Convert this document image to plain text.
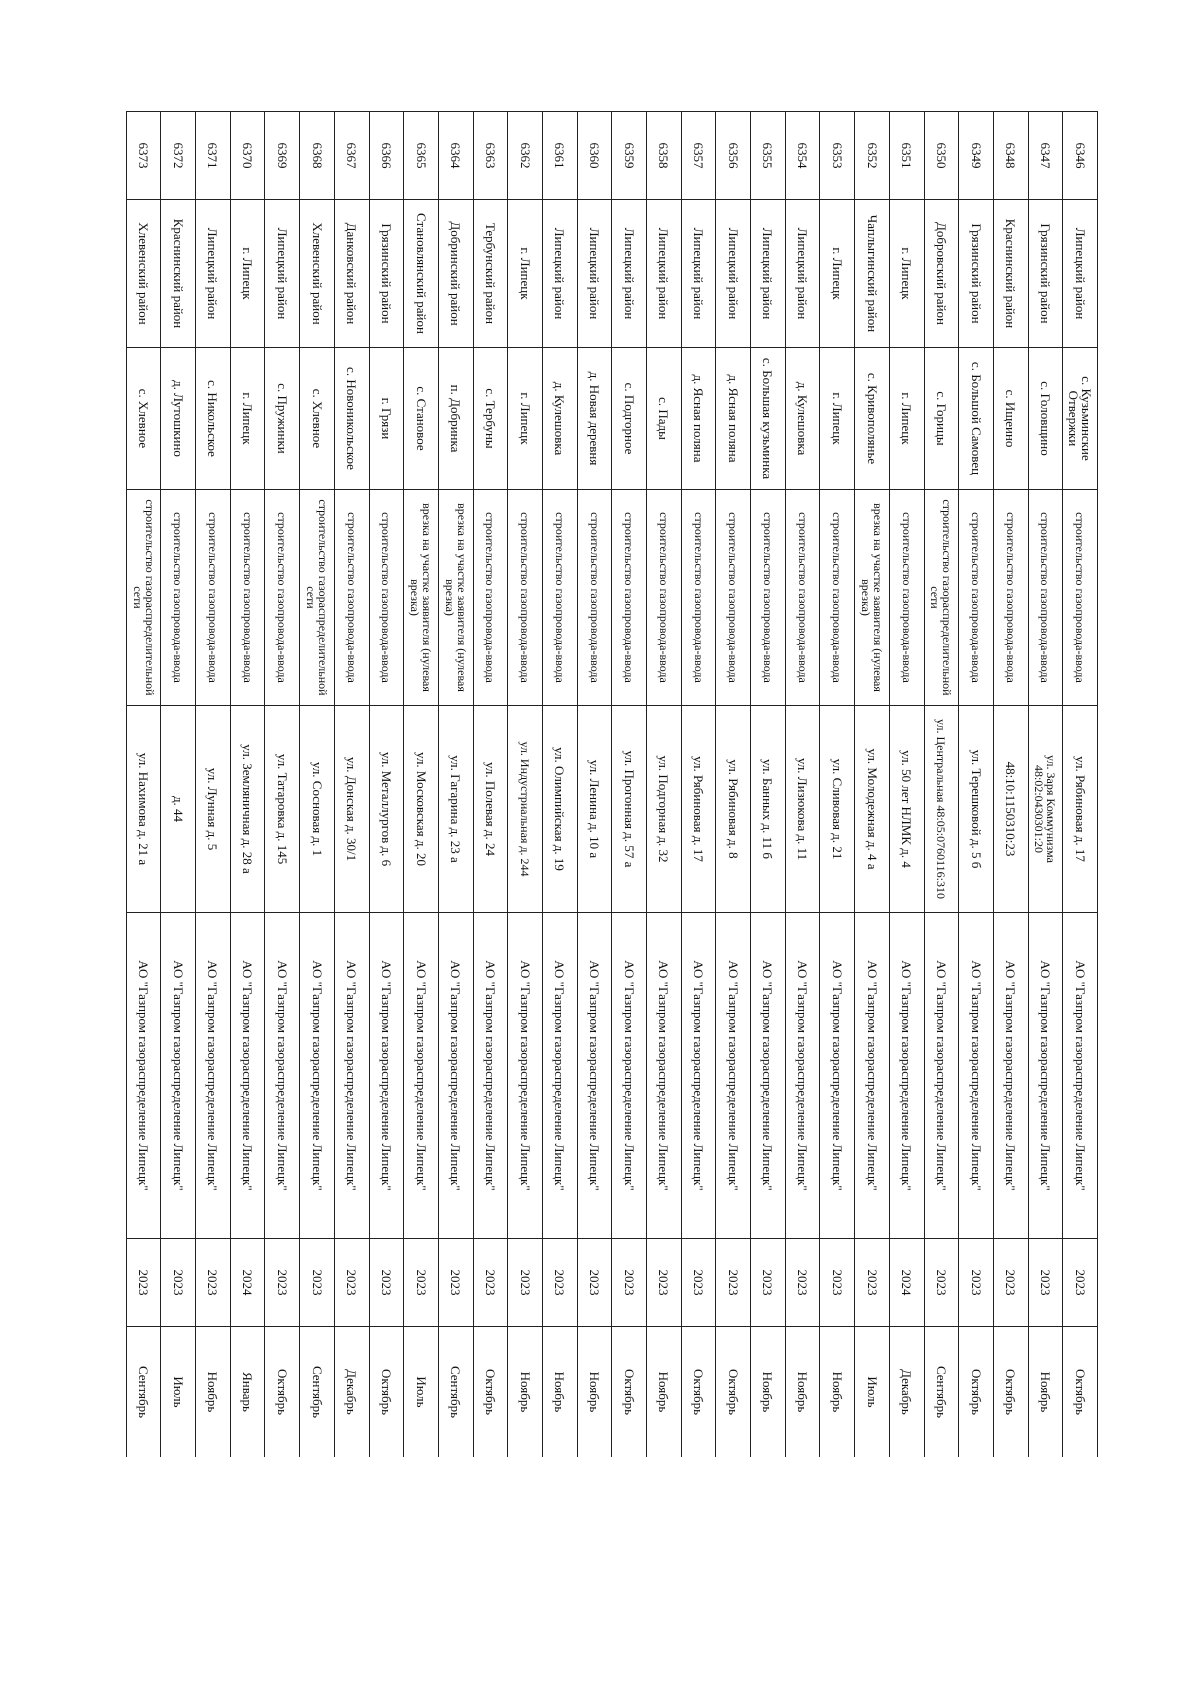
6346	Липецкий район	с. Кузьминские Отвержки	строительство газопровода-ввода	ул. Рябиновая д. 17	АО "Газпром газораспределение Липецк"	2023	Октябрь
6347	Грязинский район	с. Головщино	строительство газопровода-ввода	ул. Заря Коммунизма 48:02:0430301:20	АО "Газпром газораспределение Липецк"	2023	Ноябрь
6348	Краснинский район	с. Ищеино	строительство газопровода-ввода	48:10:1150310:23	АО "Газпром газораспределение Липецк"	2023	Октябрь
6349	Грязинский район	с. Большой Самовец	строительство газопровода-ввода	ул. Терешковой д. 5 б	АО "Газпром газораспределение Липецк"	2023	Октябрь
6350	Добровский район	с. Горицы	строительство газораспределительной сети	ул. Центральная 48:05:0760116:310	АО "Газпром газораспределение Липецк"	2023	Сентябрь
6351	г. Липецк	г. Липецк	строительство газопровода-ввода	ул. 50 лет НЛМК д. 4	АО "Газпром газораспределение Липецк"	2024	Декабрь
6352	Чаплыгинский район	с. Кривополянье	врезка на участке заявителя (нулевая врезка)	ул. Молодежная д. 4 а	АО "Газпром газораспределение Липецк"	2023	Июль
6353	г. Липецк	г. Липецк	строительство газопровода-ввода	ул. Сливовая д. 21	АО "Газпром газораспределение Липецк"	2023	Ноябрь
6354	Липецкий район	д. Кулешовка	строительство газопровода-ввода	ул. Лизюкова д. 11	АО "Газпром газораспределение Липецк"	2023	Ноябрь
6355	Липецкий район	с. Большая кузьминка	строительство газопровода-ввода	ул. Банных д. 11 б	АО "Газпром газораспределение Липецк"	2023	Ноябрь
6356	Липецкий район	д. Ясная поляна	строительство газопровода-ввода	ул. Рябиновая д. 8	АО "Газпром газораспределение Липецк"	2023	Октябрь
6357	Липецкий район	д. Ясная поляна	строительство газопровода-ввода	ул. Рябиновая д. 17	АО "Газпром газораспределение Липецк"	2023	Октябрь
6358	Липецкий район	с. Пады	строительство газопровода-ввода	ул. Подгорная д. 32	АО "Газпром газораспределение Липецк"	2023	Ноябрь
6359	Липецкий район	с. Подгорное	строительство газопровода-ввода	ул. Прогонная д. 57 а	АО "Газпром газораспределение Липецк"	2023	Октябрь
6360	Липецкий район	д. Новая деревня	строительство газопровода-ввода	ул. Ленина д. 10 а	АО "Газпром газораспределение Липецк"	2023	Ноябрь
6361	Липецкий район	д. Кулешовка	строительство газопровода-ввода	ул. Олимпийская д. 19	АО "Газпром газораспределение Липецк"	2023	Ноябрь
6362	г. Липецк	г. Липецк	строительство газопровода-ввода	ул. Индустриальная д. 244	АО "Газпром газораспределение Липецк"	2023	Ноябрь
6363	Тербунский район	с. Тербуны	строительство газопровода-ввода	ул. Полевая д. 24	АО "Газпром газораспределение Липецк"	2023	Октябрь
6364	Добринский район	п. Добринка	врезка на участке заявителя (нулевая врезка)	ул. Гагарина д. 23 а	АО "Газпром газораспределение Липецк"	2023	Сентябрь
6365	Становлянский район	с. Становое	врезка на участке заявителя (нулевая врезка)	ул. Московская д. 20	АО "Газпром газораспределение Липецк"	2023	Июль
6366	Грязинский район	г. Грязи	строительство газопровода-ввода	ул. Металлургов д. 6	АО "Газпром газораспределение Липецк"	2023	Октябрь
6367	Данковский район	с. Новоникольское	строительство газопровода-ввода	ул. Донская д. 30/1	АО "Газпром газораспределение Липецк"	2023	Декабрь
6368	Хлевенский район	с. Хлевное	строительство газораспределительной сети	ул. Сосновая д. 1	АО "Газпром газораспределение Липецк"	2023	Сентябрь
6369	Липецкий район	с. Пружинки	строительство газопровода-ввода	ул. Татаровка д. 145	АО "Газпром газораспределение Липецк"	2023	Октябрь
6370	г. Липецк	г. Липецк	строительство газопровода-ввода	ул. Земляничная д. 28 а	АО "Газпром газораспределение Липецк"	2024	Январь
6371	Липецкий район	с. Никольское	строительство газопровода-ввода	ул. Лунная д. 5	АО "Газпром газораспределение Липецк"	2023	Ноябрь
6372	Краснинский район	д. Лутошкино	строительство газопровода-ввода	д. 44	АО "Газпром газораспределение Липецк"	2023	Июль
6373	Хлевенский район	с. Хлевное	строительство газораспределительной сети	ул. Нахимова д. 21 а	АО "Газпром газораспределение Липецк"	2023	Сентябрь
